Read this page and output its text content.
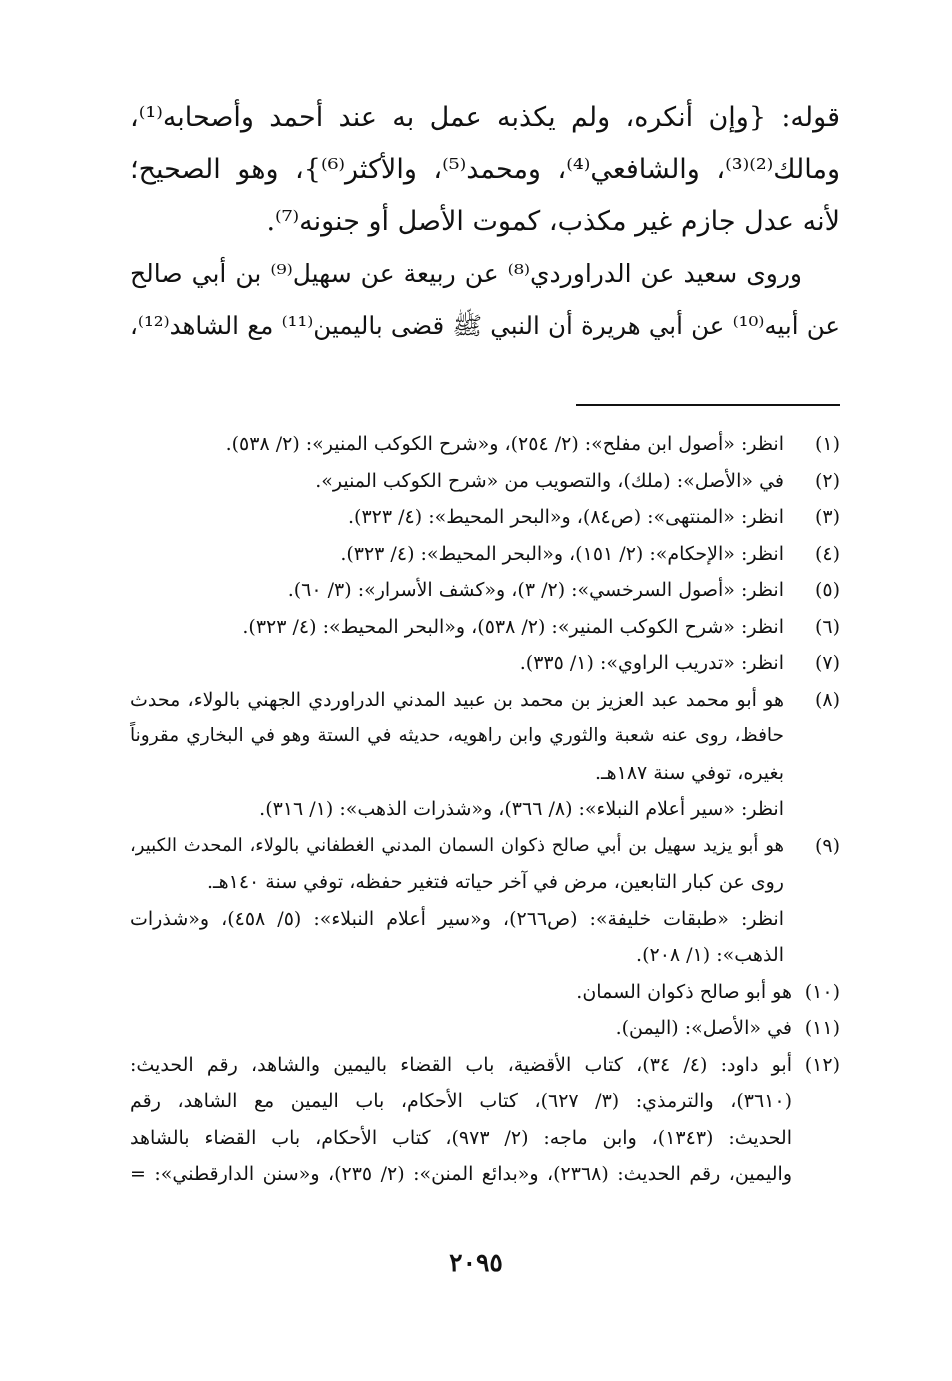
قوله: {وإن أنكره، ولم يكذبه عمل به عند أحمد وأصحابه⁽¹⁾،
ومالك⁽²⁾⁽³⁾، والشافعي⁽⁴⁾، ومحمد⁽⁵⁾، والأكثر⁽⁶⁾}، وهو الصحيح؛
لأنه عدل جازم غير مكذب، كموت الأصل أو جنونه⁽⁷⁾.
وروى سعيد عن الدراوردي⁽⁸⁾ عن ربيعة عن سهيل⁽⁹⁾ بن أبي صالح
عن أبيه⁽¹⁰⁾ عن أبي هريرة أن النبي ﷺ قضى باليمين⁽¹¹⁾ مع الشاهد⁽¹²⁾،
(١)
انظر: «أصول ابن مفلح»: (٢/ ٢٥٤)، و«شرح الكوكب المنير»: (٢/ ٥٣٨).
(٢)
في «الأصل»: (ملك)، والتصويب من «شرح الكوكب المنير».
(٣)
انظر: «المنتهى»: (ص٨٤)، و«البحر المحيط»: (٤/ ٣٢٣).
(٤)
انظر: «الإحكام»: (٢/ ١٥١)، و«البحر المحيط»: (٤/ ٣٢٣).
(٥)
انظر: «أصول السرخسي»: (٢/ ٣)، و«كشف الأسرار»: (٣/ ٦٠).
(٦)
انظر: «شرح الكوكب المنير»: (٢/ ٥٣٨)، و«البحر المحيط»: (٤/ ٣٢٣).
(٧)
انظر: «تدريب الراوي»: (١/ ٣٣٥).
(٨)
هو أبو محمد عبد العزيز بن محمد بن عبيد المدني الدراوردي الجهني بالولاء، محدث
حافظ، روى عنه شعبة والثوري وابن راهويه، حديثه في الستة وهو في البخاري مقروناً
بغيره، توفي سنة ١٨٧هـ.
انظر: «سير أعلام النبلاء»: (٨/ ٣٦٦)، و«شذرات الذهب»: (١/ ٣١٦).
(٩)
هو أبو يزيد سهيل بن أبي صالح ذكوان السمان المدني الغطفاني بالولاء، المحدث الكبير،
روى عن كبار التابعين، مرض في آخر حياته فتغير حفظه، توفي سنة ١٤٠هـ.
انظر: «طبقات خليفة»: (ص٢٦٦)، و«سير أعلام النبلاء»: (٥/ ٤٥٨)، و«شذرات
الذهب»: (١/ ٢٠٨).
(١٠)
هو أبو صالح ذكوان السمان.
(١١)
في «الأصل»: (اليمن).
(١٢)
أبو داود: (٤/ ٣٤)، كتاب الأقضية، باب القضاء باليمين والشاهد، رقم الحديث:
(٣٦١٠)، والترمذي: (٣/ ٦٢٧)، كتاب الأحكام، باب اليمين مع الشاهد، رقم
الحديث: (١٣٤٣)، وابن ماجه: (٢/ ٩٧٣)، كتاب الأحكام، باب القضاء بالشاهد
واليمين، رقم الحديث: (٢٣٦٨)، و«بدائع المنن»: (٢/ ٢٣٥)، و«سنن الدارقطني»: =
٢٠٩٥
